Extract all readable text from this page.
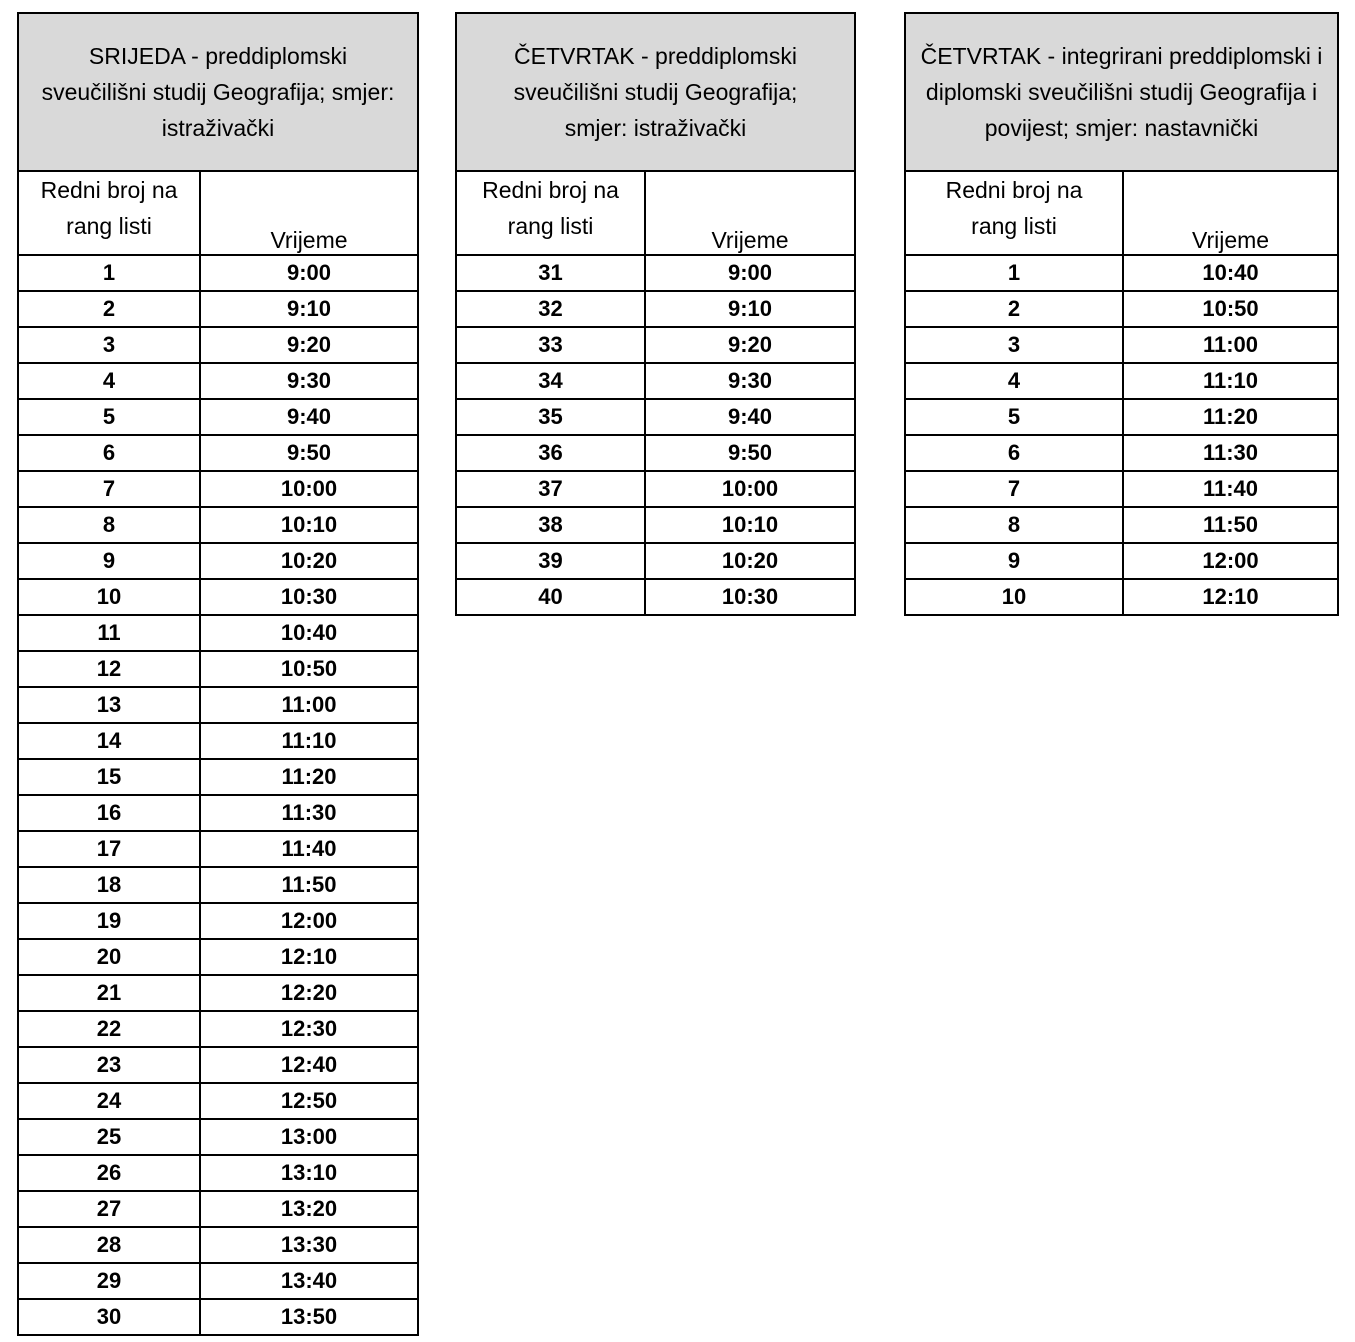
SRIJEDA - preddiplomski sveučilišni studij Geografija; smjer: istraživački	
Redni broj na rang listi	Vrijeme
1	9:00
2	9:10
3	9:20
4	9:30
5	9:40
6	9:50
7	10:00
8	10:10
9	10:20
10	10:30
11	10:40
12	10:50
13	11:00
14	11:10
15	11:20
16	11:30
17	11:40
18	11:50
19	12:00
20	12:10
21	12:20
22	12:30
23	12:40
24	12:50
25	13:00
26	13:10
27	13:20
28	13:30
29	13:40
30	13:50
ČETVRTAK - preddiplomski sveučilišni studij Geografija; smjer: istraživački	
Redni broj na rang listi	Vrijeme
31	9:00
32	9:10
33	9:20
34	9:30
35	9:40
36	9:50
37	10:00
38	10:10
39	10:20
40	10:30
ČETVRTAK - integrirani preddiplomski i diplomski sveučilišni studij Geografija i povijest; smjer: nastavnički	
Redni broj na rang listi	Vrijeme
1	10:40
2	10:50
3	11:00
4	11:10
5	11:20
6	11:30
7	11:40
8	11:50
9	12:00
10	12:10
